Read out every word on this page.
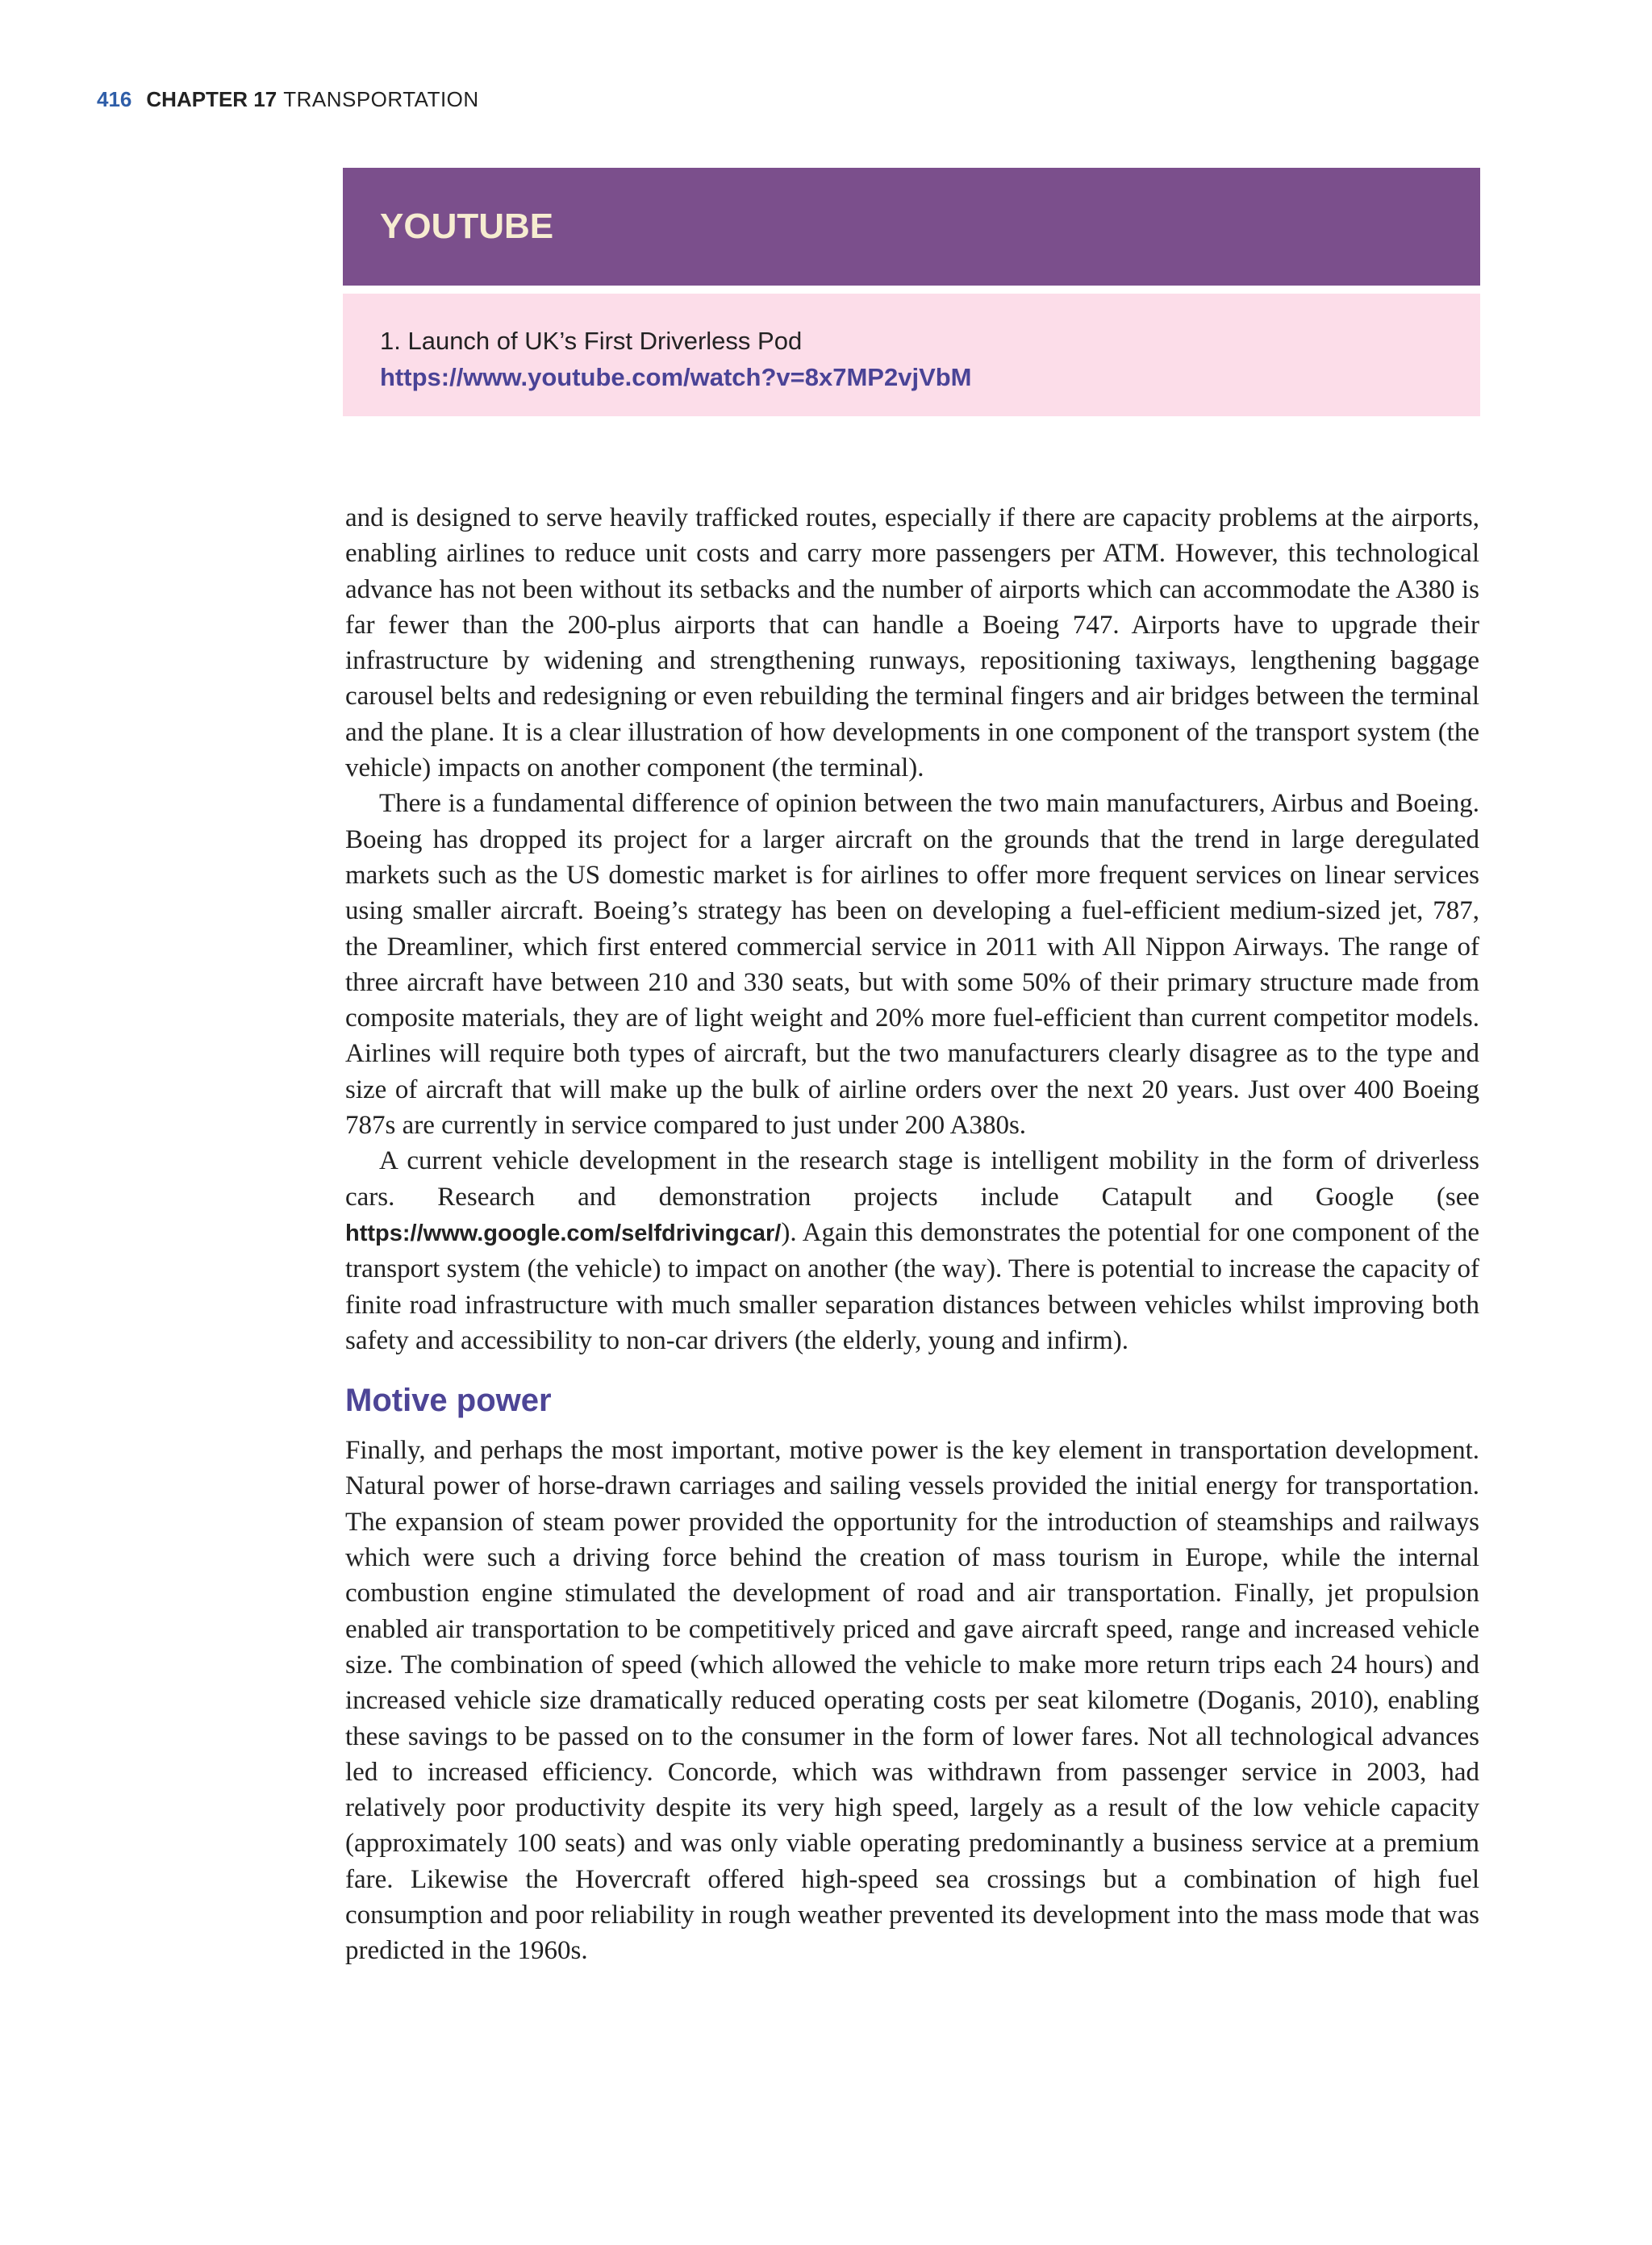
416 CHAPTER 17 TRANSPORTATION
YOUTUBE
1. Launch of UK’s First Driverless Pod
https://www.youtube.com/watch?v=8x7MP2vjVbM

and is designed to serve heavily trafficked routes, especially if there are capacity problems at the airports, enabling airlines to reduce unit costs and carry more passengers per ATM. However, this technological advance has not been without its setbacks and the number of airports which can accommodate the A380 is far fewer than the 200-plus airports that can handle a Boeing 747. Airports have to upgrade their infrastructure by widening and strengthening runways, repositioning taxiways, lengthening baggage carousel belts and redesigning or even rebuilding the terminal fingers and air bridges between the terminal and the plane. It is a clear illustration of how developments in one component of the transport system (the vehicle) impacts on another component (the terminal).

There is a fundamental difference of opinion between the two main manufacturers, Airbus and Boeing. Boeing has dropped its project for a larger aircraft on the grounds that the trend in large deregulated markets such as the US domestic market is for airlines to offer more frequent services on linear services using smaller aircraft. Boeing’s strategy has been on developing a fuel-efficient medium-sized jet, 787, the Dreamliner, which first entered commercial service in 2011 with All Nippon Airways. The range of three aircraft have between 210 and 330 seats, but with some 50% of their primary structure made from composite materials, they are of light weight and 20% more fuel-efficient than current competitor models. Airlines will require both types of aircraft, but the two manufacturers clearly disagree as to the type and size of aircraft that will make up the bulk of airline orders over the next 20 years. Just over 400 Boeing 787s are currently in service compared to just under 200 A380s.

A current vehicle development in the research stage is intelligent mobility in the form of driverless cars. Research and demonstration projects include Catapult and Google (see https://www.google.com/selfdrivingcar/). Again this demonstrates the potential for one component of the transport system (the vehicle) to impact on another (the way). There is potential to increase the capacity of finite road infrastructure with much smaller separation distances between vehicles whilst improving both safety and accessibility to non-car drivers (the elderly, young and infirm).

Motive power

Finally, and perhaps the most important, motive power is the key element in transportation development. Natural power of horse-drawn carriages and sailing vessels provided the initial energy for transportation. The expansion of steam power provided the opportunity for the introduction of steamships and railways which were such a driving force behind the creation of mass tourism in Europe, while the internal combustion engine stimulated the development of road and air transportation. Finally, jet propulsion enabled air transportation to be competitively priced and gave aircraft speed, range and increased vehicle size. The combination of speed (which allowed the vehicle to make more return trips each 24 hours) and increased vehicle size dramatically reduced operating costs per seat kilometre (Doganis, 2010), enabling these savings to be passed on to the consumer in the form of lower fares. Not all technological advances led to increased efficiency. Concorde, which was withdrawn from passenger service in 2003, had relatively poor productivity despite its very high speed, largely as a result of the low vehicle capacity (approximately 100 seats) and was only viable operating predominantly a business service at a premium fare. Likewise the Hovercraft offered high-speed sea crossings but a combination of high fuel consumption and poor reliability in rough weather prevented its development into the mass mode that was predicted in the 1960s.
